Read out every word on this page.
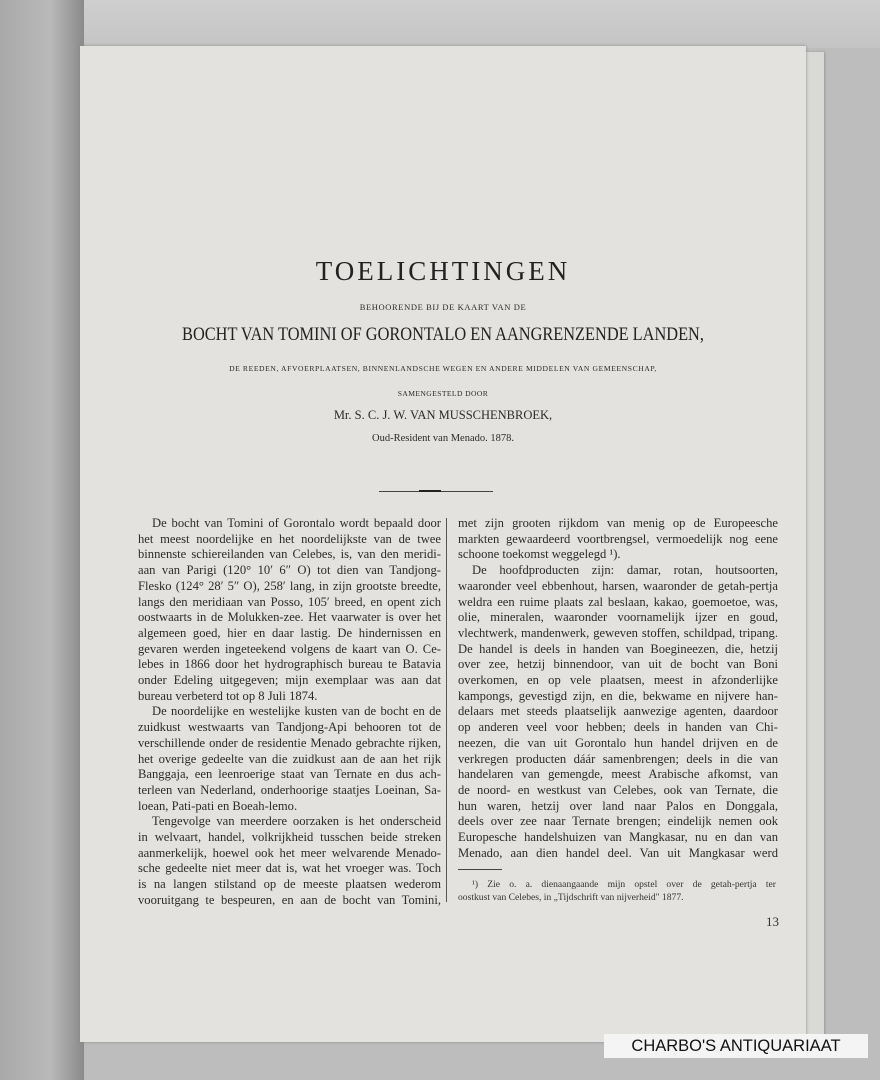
TOELICHTINGEN
BEHOORENDE BIJ DE KAART VAN DE
BOCHT VAN TOMINI OF GORONTALO EN AANGRENZENDE LANDEN,
DE REEDEN, AFVOERPLAATSEN, BINNENLANDSCHE WEGEN EN ANDERE MIDDELEN VAN GEMEENSCHAP,
SAMENGESTELD DOOR
Mr. S. C. J. W. VAN MUSSCHENBROEK,
Oud-Resident van Menado. 1878.
De bocht van Tomini of Gorontalo wordt bepaald door
het meest noordelijke en het noordelijkste van de twee
binnenste schiereilanden van Celebes, is, van den meridi-
aan van Parigi (120° 10′ 6″ O) tot dien van Tandjong-
Flesko (124° 28′ 5″ O), 258′ lang, in zijn grootste breedte,
langs den meridiaan van Posso, 105′ breed, en opent zich
oostwaarts in de Molukken-zee. Het vaarwater is over het
algemeen goed, hier en daar lastig. De hindernissen en
gevaren werden ingeteekend volgens de kaart van O. Ce-
lebes in 1866 door het hydrographisch bureau te Batavia
onder Edeling uitgegeven; mijn exemplaar was aan dat
bureau verbeterd tot op 8 Juli 1874.
De noordelijke en westelijke kusten van de bocht en de
zuidkust westwaarts van Tandjong-Api behooren tot de
verschillende onder de residentie Menado gebrachte rijken,
het overige gedeelte van die zuidkust aan de aan het rijk
Banggaja, een leenroerige staat van Ternate en dus ach-
terleen van Nederland, onderhoorige staatjes Loeinan, Sa-
loean, Pati-pati en Boeah-lemo.
Tengevolge van meerdere oorzaken is het onderscheid
in welvaart, handel, volkrijkheid tusschen beide streken
aanmerkelijk, hoewel ook het meer welvarende Menado-
sche gedeelte niet meer dat is, wat het vroeger was. Toch
is na langen stilstand op de meeste plaatsen wederom
vooruitgang te bespeuren, en aan de bocht van Tomini,
met zijn grooten rijkdom van menig op de Europeesche
markten gewaardeerd voortbrengsel, vermoedelijk nog eene
schoone toekomst weggelegd ¹).
De hoofdproducten zijn: damar, rotan, houtsoorten,
waaronder veel ebbenhout, harsen, waaronder de getah-pertja
weldra een ruime plaats zal beslaan, kakao, goemoetoe, was,
olie, mineralen, waaronder voornamelijk ijzer en goud,
vlechtwerk, mandenwerk, geweven stoffen, schildpad, tripang.
De handel is deels in handen van Boegineezen, die, hetzij
over zee, hetzij binnendoor, van uit de bocht van Boni
overkomen, en op vele plaatsen, meest in afzonderlijke
kampongs, gevestigd zijn, en die, bekwame en nijvere han-
delaars met steeds plaatselijk aanwezige agenten, daardoor
op anderen veel voor hebben; deels in handen van Chi-
neezen, die van uit Gorontalo hun handel drijven en de
verkregen producten dáár samenbrengen; deels in die van
handelaren van gemengde, meest Arabische afkomst, van
de noord- en westkust van Celebes, ook van Ternate, die
hun waren, hetzij over land naar Palos en Donggala,
deels over zee naar Ternate brengen; eindelijk nemen ook
Europesche handelshuizen van Mangkasar, nu en dan van
Menado, aan dien handel deel. Van uit Mangkasar werd
¹) Zie o. a. dienaangaande mijn opstel over de getah-pertja ter
oostkust van Celebes, in „Tijdschrift van nijverheid" 1877.
13
CHARBO'S ANTIQUARIAAT
